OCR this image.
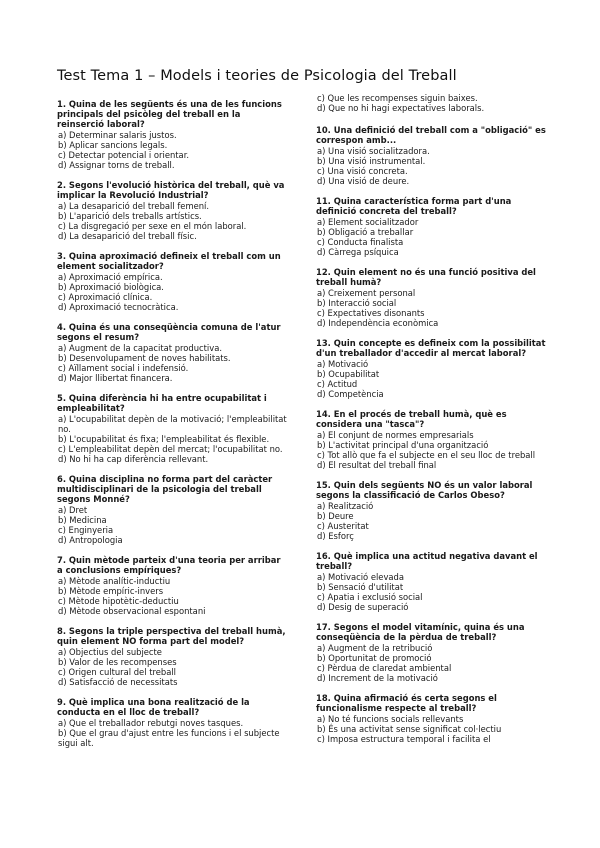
Test Tema 1 – Models i teories de Psicologia del Treball
1. Quina de les següents és una de les funcions principals del psicòleg del treball en la reinserció laboral?
a) Determinar salaris justos.
b) Aplicar sancions legals.
c) Detectar potencial i orientar.
d) Assignar torns de treball.
2. Segons l'evolució històrica del treball, què va implicar la Revolució Industrial?
a) La desaparició del treball femení.
b) L'aparició dels treballs artístics.
c) La disgregació per sexe en el món laboral.
d) La desaparició del treball físic.
3. Quina aproximació defineix el treball com un element socialitzador?
a) Aproximació empírica.
b) Aproximació biològica.
c) Aproximació clínica.
d) Aproximació tecnocràtica.
4. Quina és una conseqüència comuna de l'atur segons el resum?
a) Augment de la capacitat productiva.
b) Desenvolupament de noves habilitats.
c) Aïllament social i indefensió.
d) Major llibertat financera.
5. Quina diferència hi ha entre ocupabilitat i empleabilitat?
a) L'ocupabilitat depèn de la motivació; l'empleabilitat no.
b) L'ocupabilitat és fixa; l'empleabilitat és flexible.
c) L'empleabilitat depèn del mercat; l'ocupabilitat no.
d) No hi ha cap diferència rellevant.
6. Quina disciplina no forma part del caràcter multidisciplinari de la psicologia del treball segons Monné?
a) Dret
b) Medicina
c) Enginyeria
d) Antropologia
7. Quin mètode parteix d'una teoria per arribar a conclusions empíriques?
a) Mètode analític-inductiu
b) Mètode empíric-invers
c) Mètode hipotètic-deductiu
d) Mètode observacional espontani
8. Segons la triple perspectiva del treball humà, quin element NO forma part del model?
a) Objectius del subjecte
b) Valor de les recompenses
c) Origen cultural del treball
d) Satisfacció de necessitats
9. Què implica una bona realització de la conducta en el lloc de treball?
a) Que el treballador rebutgi noves tasques.
b) Que el grau d'ajust entre les funcions i el subjecte sigui alt.
c) Que les recompenses siguin baixes.
d) Que no hi hagi expectatives laborals.
10. Una definició del treball com a "obligació" es correspon amb...
a) Una visió socialitzadora.
b) Una visió instrumental.
c) Una visió concreta.
d) Una visió de deure.
11. Quina característica forma part d'una definició concreta del treball?
a) Element socialitzador
b) Obligació a treballar
c) Conducta finalista
d) Càrrega psíquica
12. Quin element no és una funció positiva del treball humà?
a) Creixement personal
b) Interacció social
c) Expectatives disonants
d) Independència econòmica
13. Quin concepte es defineix com la possibilitat d'un treballador d'accedir al mercat laboral?
a) Motivació
b) Ocupabilitat
c) Actitud
d) Competència
14. En el procés de treball humà, què es considera una "tasca"?
a) El conjunt de normes empresarials
b) L'activitat principal d'una organització
c) Tot allò que fa el subjecte en el seu lloc de treball
d) El resultat del treball final
15. Quin dels següents NO és un valor laboral segons la classificació de Carlos Obeso?
a) Realització
b) Deure
c) Austeritat
d) Esforç
16. Què implica una actitud negativa davant el treball?
a) Motivació elevada
b) Sensació d'utilitat
c) Apatia i exclusió social
d) Desig de superació
17. Segons el model vitamínic, quina és una conseqüència de la pèrdua de treball?
a) Augment de la retribució
b) Oportunitat de promoció
c) Pèrdua de claredat ambiental
d) Increment de la motivació
18. Quina afirmació és certa segons el funcionalisme respecte al treball?
a) No té funcions socials rellevants
b) És una activitat sense significat col·lectiu
c) Imposa estructura temporal i facilita el
